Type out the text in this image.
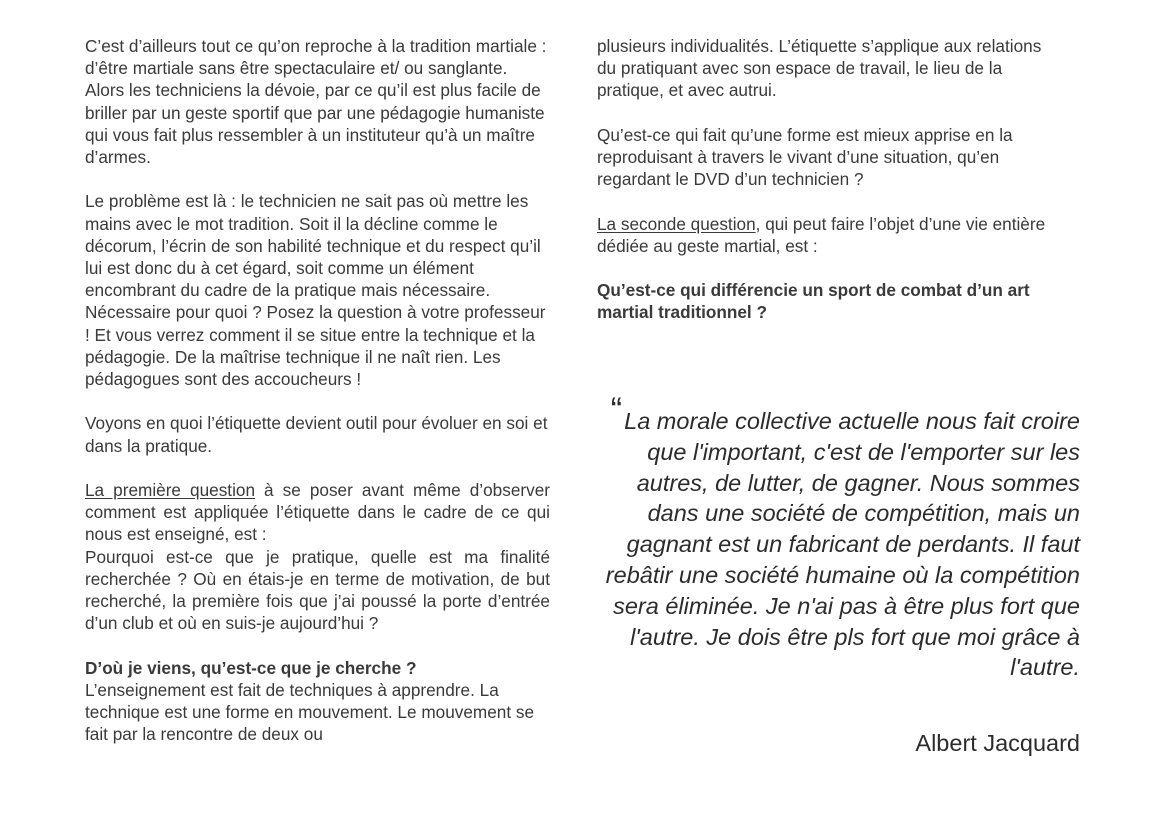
C’est d’ailleurs tout ce qu’on reproche à la tradition martiale : d’être martiale sans être spectaculaire et/ ou sanglante. Alors les techniciens la dévoie, par ce qu’il est plus facile de briller par un geste sportif que par une pédagogie humaniste qui vous fait plus ressembler à un instituteur qu’à un maître d’armes.

Le problème est là : le technicien ne sait pas où mettre les mains avec le mot tradition. Soit il la décline comme le décorum, l’écrin de son habilité technique et du respect qu’il lui est donc du à cet égard, soit comme un élément encombrant du cadre de la pratique mais nécessaire. Nécessaire pour quoi ? Posez la question à votre professeur ! Et vous verrez comment il se situe entre la technique et la pédagogie. De la maîtrise technique il ne naît rien. Les pédagogues sont des accoucheurs !

Voyons en quoi l’étiquette devient outil pour évoluer en soi et dans la pratique.

La première question à se poser avant même d’observer comment est appliquée l’étiquette dans le cadre de ce qui nous est enseigné, est :
Pourquoi est-ce que je pratique, quelle est ma finalité recherchée ? Où en étais-je en terme de motivation, de but recherché, la première fois que j’ai poussé la porte d’entrée d’un club et où en suis-je aujourd’hui ?

D’où je viens, qu’est-ce que je cherche ?
L’enseignement est fait de techniques à apprendre. La technique est une forme en mouvement. Le mouvement se fait par la rencontre de deux ou

plusieurs individualités. L’étiquette s’applique aux relations du pratiquant avec son espace de travail, le lieu de la pratique, et avec autrui.

Qu’est-ce qui fait qu’une forme est mieux apprise en la reproduisant à travers le vivant d’une situation, qu’en regardant le DVD d’un technicien ?

La seconde question, qui peut faire l’objet d’une vie entière dédiée au geste martial, est :

Qu’est-ce qui différencie un sport de combat d’un art martial traditionnel ?

“La morale collective actuelle nous fait croire que l'important, c'est de l'emporter sur les autres, de lutter, de gagner. Nous sommes dans une société de compétition, mais un gagnant est un fabricant de perdants. Il faut rebâtir une société humaine où la compétition sera éliminée. Je n'ai pas à être plus fort que l'autre. Je dois être pls fort que moi grâce à l'autre.
Albert Jacquard
